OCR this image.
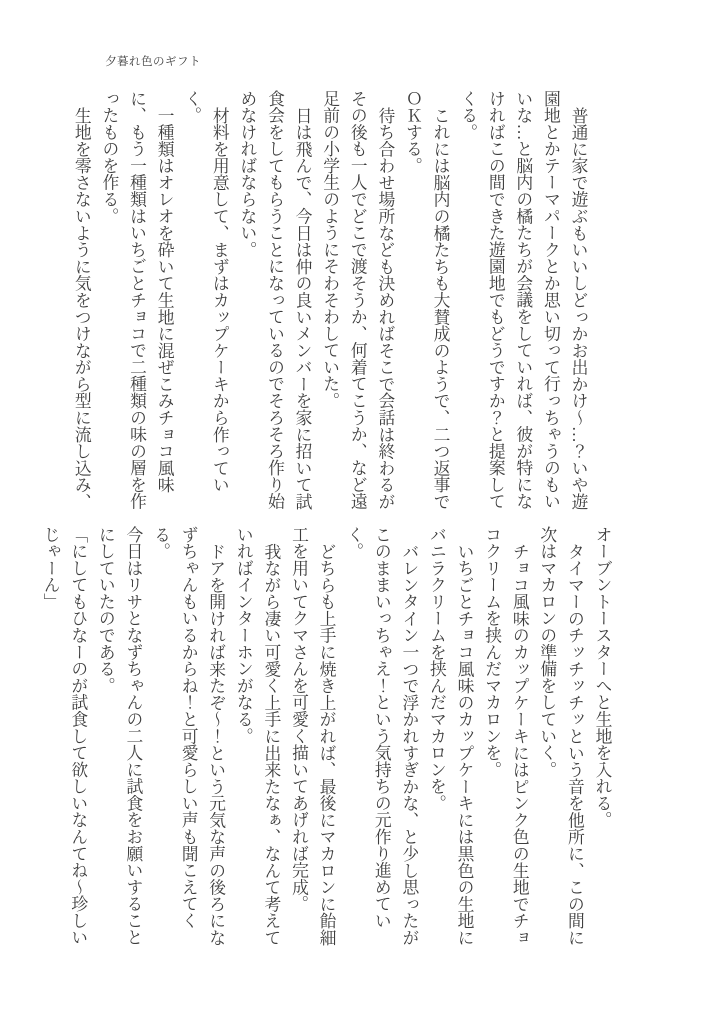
夕暮れ色のギフト

普通に家で遊ぶもいいしどっかお出かけ～…？いや遊園地とかテーマパークとか思い切って行っちゃうのもいいな…と脳内の橘たちが会議をしていれば、彼が特になければこの間できた遊園地でもどうですか？と提案してくる。

これには脳内の橘たちも大賛成のようで、二つ返事でＯＫする。

待ち合わせ場所なども決めればそこで会話は終わるがその後も一人でどこで渡そうか、何着てこうか、など遠足前の小学生のようにそわそわしていた。

日は飛んで、今日は仲の良いメンバーを家に招いて試食会をしてもらうことになっているのでそろそろ作り始めなければならない。

材料を用意して、まずはカップケーキから作っていく。

一種類はオレオを砕いて生地に混ぜこみチョコ風味に、もう一種類はいちごとチョコで二種類の味の層を作ったものを作る。

生地を零さないように気をつけながら型に流し込み、

オーブントースターへと生地を入れる。

タイマーのチッチッチッという音を他所に、この間に次はマカロンの準備をしていく。

チョコ風味のカップケーキにはピンク色の生地でチョコクリームを挟んだマカロンを。

いちごとチョコ風味のカップケーキには黒色の生地にバニラクリームを挟んだマカロンを。

バレンタイン一つで浮かれすぎかな、と少し思ったがこのままいっちゃえ！という気持ちの元作り進めていく。

どちらも上手に焼き上がれば、最後にマカロンに飴細工を用いてクマさんを可愛く描いてあげれば完成。

我ながら凄い可愛く上手に出来たなぁ、なんて考えていればインターホンがなる。

ドアを開ければ来たぞ～！という元気な声の後ろになずちゃんもいるからね！と可愛らしい声も聞こえてくる。

今日はリサとなずちゃんの二人に試食をお願いすることにしていたのである。

「にしてもひなーのが試食して欲しいなんてね～珍しいじゃーん」
